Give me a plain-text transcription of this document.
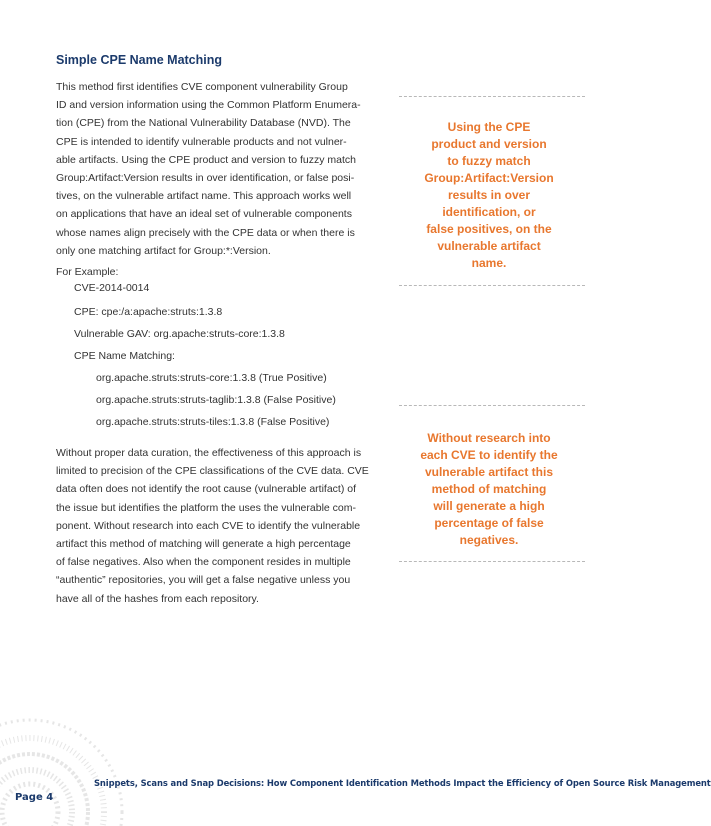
Simple CPE Name Matching

This method first identifies CVE component vulnerability Group

ID and version information using the Common Platform Enumera-

tion (CPE) from the National Vulnerability Database (NVD). The

CPE is intended to identify vulnerable products and not vulner-

able artifacts. Using the CPE product and version to fuzzy match

Group:Artifact:Version results in over identification, or false posi-

tives, on the vulnerable artifact name. This approach works well

on applications that have an ideal set of vulnerable components

whose names align precisely with the CPE data or when there is

only one matching artifact for Group:*:Version.

For Example:

CVE-2014-0014

CPE: cpe:/a:apache:struts:1.3.8

Vulnerable GAV: org.apache:struts-core:1.3.8

CPE Name Matching:

org.apache.struts:struts-core:1.3.8 (True Positive)

org.apache.struts:struts-taglib:1.3.8 (False Positive)

org.apache.struts:struts-tiles:1.3.8 (False Positive)

Without proper data curation, the effectiveness of this approach is

limited to precision of the CPE classifications of the CVE data. CVE

data often does not identify the root cause (vulnerable artifact) of

the issue but identifies the platform the uses the vulnerable com-

ponent. Without research into each CVE to identify the vulnerable

artifact this method of matching will generate a high percentage

of false negatives. Also when the component resides in multiple

“authentic” repositories, you will get a false negative unless you

have all of the hashes from each repository.

Using the CPE
product and version
to fuzzy match
Group:Artifact:Version
results in over
identification, or
false positives, on the
vulnerable artifact
name.
Without research into
each CVE to identify the
vulnerable artifact this
method of matching
will generate a high
percentage of false
negatives.
Snippets, Scans and Snap Decisions: How Component Identification Methods Impact the Efficiency of Open Source Risk Management
Page 4
